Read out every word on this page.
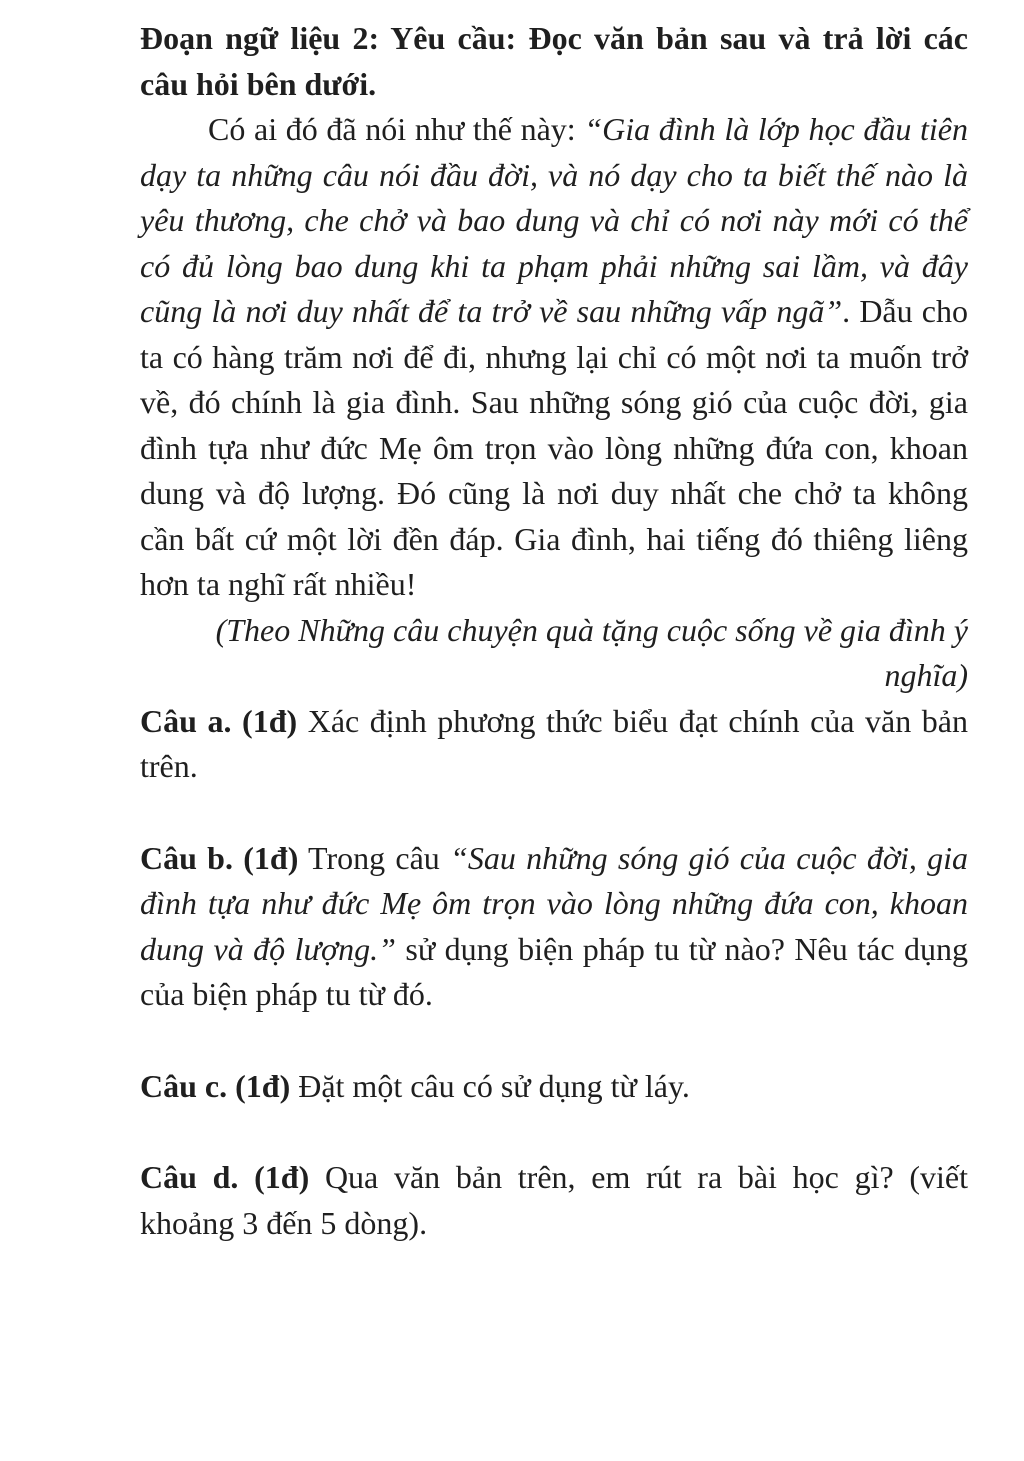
Đoạn ngữ liệu 2: Yêu cầu: Đọc văn bản sau và trả lời các câu hỏi bên dưới.

Có ai đó đã nói như thế này: “Gia đình là lớp học đầu tiên dạy ta những câu nói đầu đời, và nó dạy cho ta biết thế nào là yêu thương, che chở và bao dung và chỉ có nơi này mới có thể có đủ lòng bao dung khi ta phạm phải những sai lầm, và đây cũng là nơi duy nhất để ta trở về sau những vấp ngã”. Dẫu cho ta có hàng trăm nơi để đi, nhưng lại chỉ có một nơi ta muốn trở về, đó chính là gia đình. Sau những sóng gió của cuộc đời, gia đình tựa như đức Mẹ ôm trọn vào lòng những đứa con, khoan dung và độ lượng. Đó cũng là nơi duy nhất che chở ta không cần bất cứ một lời đền đáp. Gia đình, hai tiếng đó thiêng liêng hơn ta nghĩ rất nhiều!

(Theo Những câu chuyện quà tặng cuộc sống về gia đình ý nghĩa)

Câu a. (1đ) Xác định phương thức biểu đạt chính của văn bản trên.

Câu b. (1đ) Trong câu “Sau những sóng gió của cuộc đời, gia đình tựa như đức Mẹ ôm trọn vào lòng những đứa con, khoan dung và độ lượng.” sử dụng biện pháp tu từ nào? Nêu tác dụng của biện pháp tu từ đó.

Câu c. (1đ) Đặt một câu có sử dụng từ láy.

Câu d. (1đ) Qua văn bản trên, em rút ra bài học gì? (viết khoảng 3 đến 5 dòng).
